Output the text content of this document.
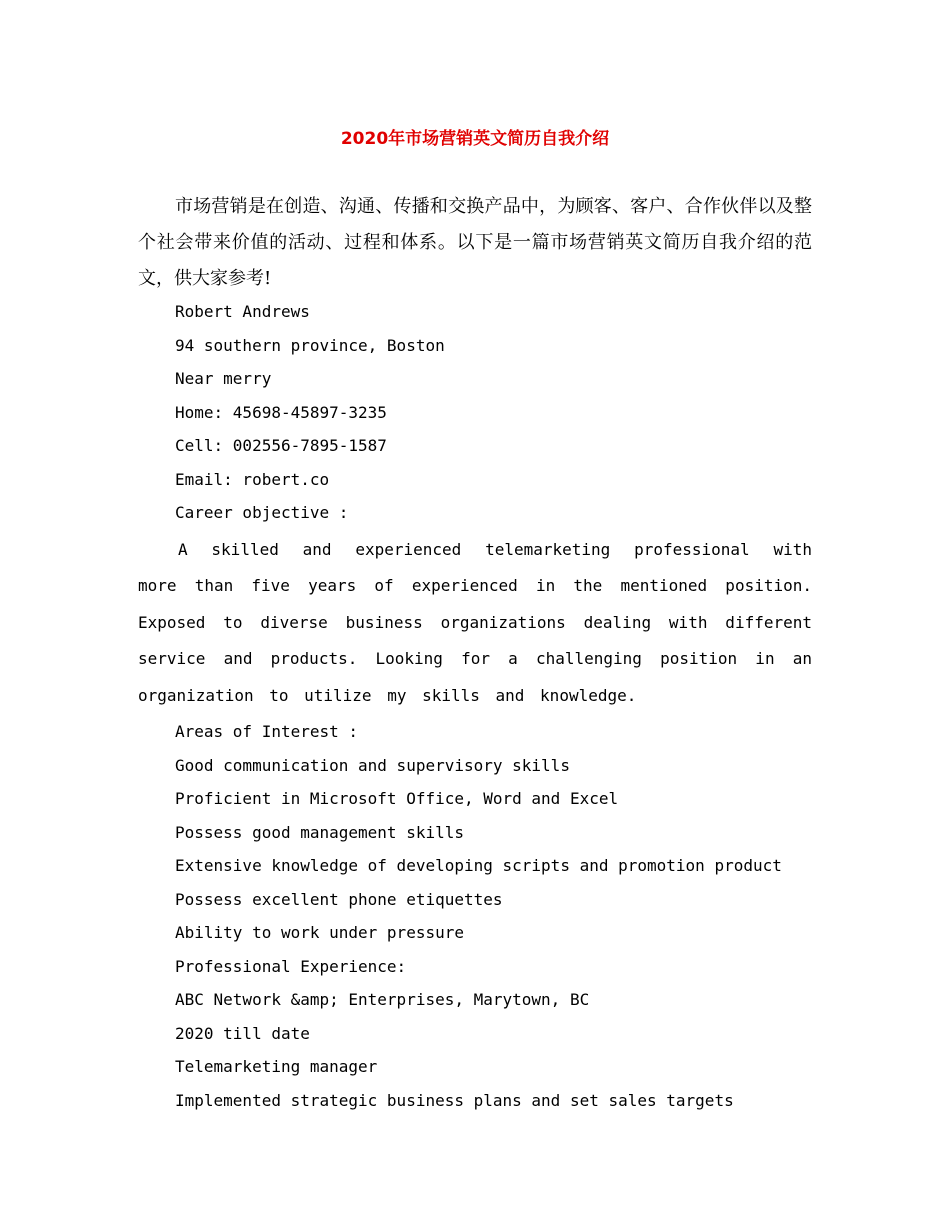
2020年市场营销英文简历自我介绍
市场营销是在创造、沟通、传播和交换产品中，为顾客、客户、合作伙伴以及整个社会带来价值的活动、过程和体系。以下是一篇市场营销英文简历自我介绍的范文，供大家参考!
Robert Andrews
94 southern province, Boston
Near merry
Home: 45698-45897-3235
Cell: 002556-7895-1587
Email: robert.co
Career objective :
A skilled and experienced telemarketing professional with more than five years of experienced in the mentioned position. Exposed to diverse business organizations dealing with different service and products. Looking for a challenging position in an organization to utilize my skills and knowledge.
Areas of Interest :
Good communication and supervisory skills
Proficient in Microsoft Office, Word and Excel
Possess good management skills
Extensive knowledge of developing scripts and promotion product
Possess excellent phone etiquettes
Ability to work under pressure
Professional Experience:
ABC Network &amp; Enterprises, Marytown, BC
2020 till date
Telemarketing manager
Implemented strategic business plans and set sales targets
